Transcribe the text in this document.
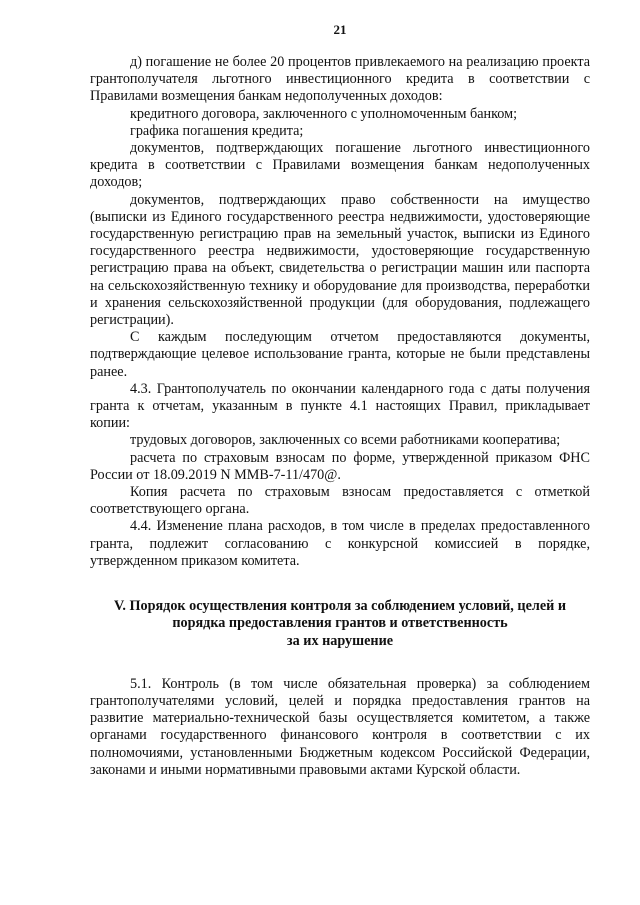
21

д) погашение не более 20 процентов привлекаемого на реализацию проекта грантополучателя льготного инвестиционного кредита в соответствии с Правилами возмещения банкам недополученных доходов:

кредитного договора, заключенного с уполномоченным банком;

графика погашения кредита;

документов, подтверждающих погашение льготного инвестиционного кредита в соответствии с Правилами возмещения банкам недополученных доходов;

документов, подтверждающих право собственности на имущество (выписки из Единого государственного реестра недвижимости, удостоверяющие государственную регистрацию прав на земельный участок, выписки из Единого государственного реестра недвижимости, удостоверяющие государственную регистрацию права на объект, свидетельства о регистрации машин или паспорта на сельскохозяйственную технику и оборудование для производства, переработки и хранения сельскохозяйственной продукции (для оборудования, подлежащего регистрации).

С каждым последующим отчетом предоставляются документы, подтверждающие целевое использование гранта, которые не были представлены ранее.

4.3. Грантополучатель по окончании календарного года с даты получения гранта к отчетам, указанным в пункте 4.1 настоящих Правил, прикладывает копии:

трудовых договоров, заключенных со всеми работниками кооператива;

расчета по страховым взносам по форме, утвержденной приказом ФНС России от 18.09.2019 N ММВ-7-11/470@.

Копия расчета по страховым взносам предоставляется с отметкой соответствующего органа.

4.4. Изменение плана расходов, в том числе в пределах предоставленного гранта, подлежит согласованию с конкурсной комиссией в порядке, утвержденном приказом комитета.

V. Порядок осуществления контроля за соблюдением условий, целей и
порядка предоставления грантов и ответственность
за их нарушение

5.1. Контроль (в том числе обязательная проверка) за соблюдением грантополучателями условий, целей и порядка предоставления грантов на развитие материально-технической базы осуществляется комитетом, а также органами государственного финансового контроля в соответствии с их полномочиями, установленными Бюджетным кодексом Российской Федерации, законами и иными нормативными правовыми актами Курской области.
